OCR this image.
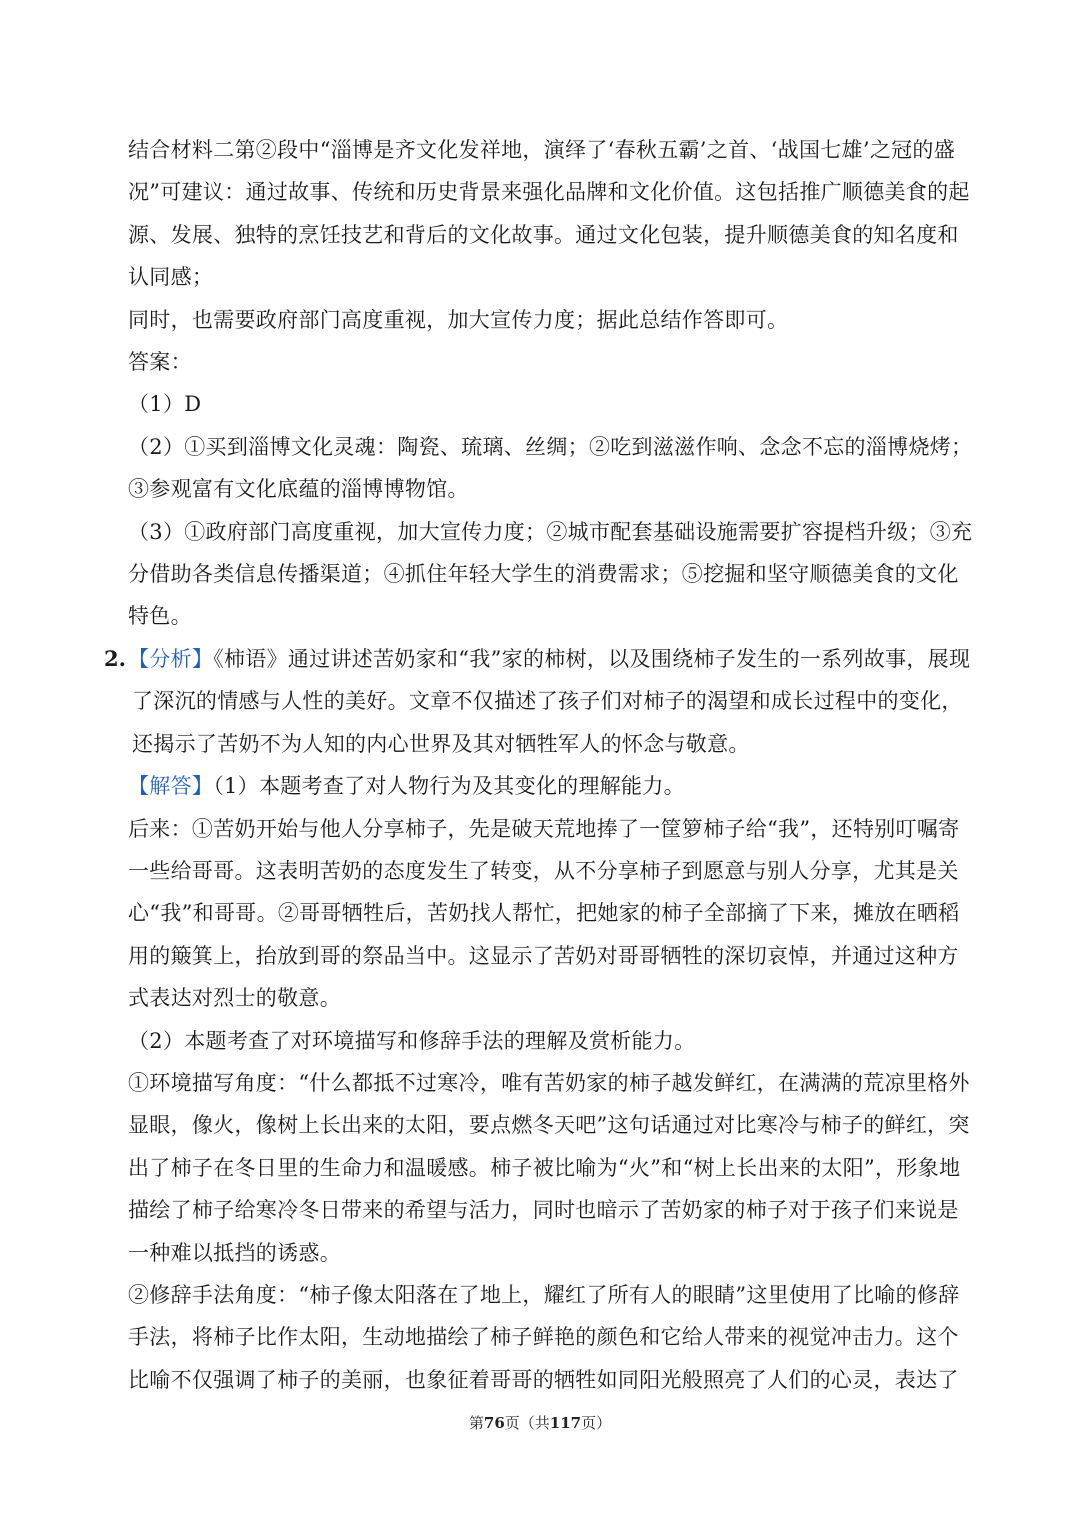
结合材料二第②段中“淄博是齐文化发祥地，演绎了‘春秋五霸’之首、‘战国七雄’之冠的盛
况”可建议：通过故事、传统和历史背景来强化品牌和文化价值。这包括推广顺德美食的起
源、发展、独特的烹饪技艺和背后的文化故事。通过文化包装，提升顺德美食的知名度和
认同感；
同时，也需要政府部门高度重视，加大宣传力度；据此总结作答即可。
答案：
（1）D
（2）①买到淄博文化灵魂：陶瓷、琉璃、丝绸；②吃到滋滋作响、念念不忘的淄博烧烤；
③参观富有文化底蕴的淄博博物馆。
（3）①政府部门高度重视，加大宣传力度；②城市配套基础设施需要扩容提档升级；③充
分借助各类信息传播渠道；④抓住年轻大学生的消费需求；⑤挖掘和坚守顺德美食的文化
特色。
2. 【分析】《柿语》通过讲述苦奶家和“我”家的柿树，以及围绕柿子发生的一系列故事，展现
了深沉的情感与人性的美好。文章不仅描述了孩子们对柿子的渴望和成长过程中的变化，
还揭示了苦奶不为人知的内心世界及其对牺牲军人的怀念与敬意。
【解答】（1）本题考查了对人物行为及其变化的理解能力。
后来：①苦奶开始与他人分享柿子，先是破天荒地捧了一筐箩柿子给“我”，还特别叮嘱寄
一些给哥哥。这表明苦奶的态度发生了转变，从不分享柿子到愿意与别人分享，尤其是关
心“我”和哥哥。②哥哥牺牲后，苦奶找人帮忙，把她家的柿子全部摘了下来，摊放在晒稻
用的簸箕上，抬放到哥的祭品当中。这显示了苦奶对哥哥牺牲的深切哀悼，并通过这种方
式表达对烈士的敬意。
（2）本题考查了对环境描写和修辞手法的理解及赏析能力。
①环境描写角度：“什么都抵不过寒冷，唯有苦奶家的柿子越发鲜红，在满满的荒凉里格外
显眼，像火，像树上长出来的太阳，要点燃冬天吧”这句话通过对比寒冷与柿子的鲜红，突
出了柿子在冬日里的生命力和温暖感。柿子被比喻为“火”和“树上长出来的太阳”，形象地
描绘了柿子给寒冷冬日带来的希望与活力，同时也暗示了苦奶家的柿子对于孩子们来说是
一种难以抵挡的诱惑。
②修辞手法角度：“柿子像太阳落在了地上，耀红了所有人的眼睛”这里使用了比喻的修辞
手法，将柿子比作太阳，生动地描绘了柿子鲜艳的颜色和它给人带来的视觉冲击力。这个
比喻不仅强调了柿子的美丽，也象征着哥哥的牺牲如同阳光般照亮了人们的心灵，表达了
第76页（共117页）
